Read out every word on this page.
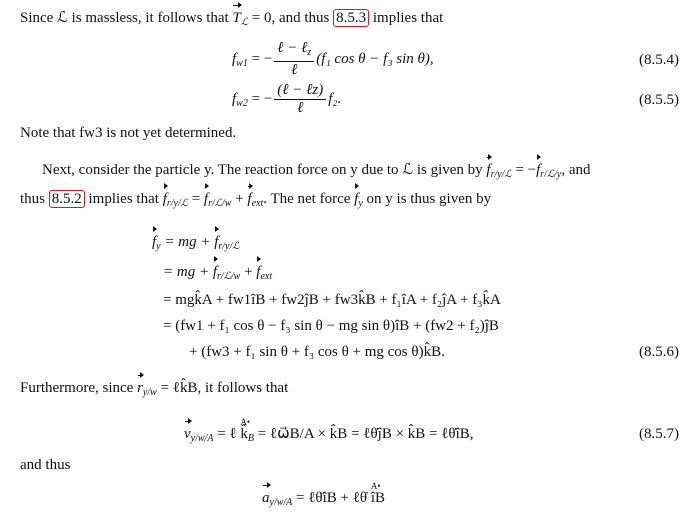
Since ℒ is massless, it follows that $T_ℒ = 0$, and thus 8.5.3 implies that
$f_{w1}$ = − $\frac{\ell - \ell_z}{\text{ℓ}} (f_1$ cos θ − f₃ sin θ),	(8.5.4)
$f_{w2}$ = − $\frac{\text{(ℓ − ℓz)}}{\text{ℓ}} f_2$.	(8.5.5)
Note that fw3 is not yet determined.
Next, consider the particle y. The reaction force on y due to ℒ is given by $f_{r/y/ℒ} = -f_{r/ℒ/y}$, and
thus 8.5.2 implies that $f_{r/y/ℒ} = f_{r/ℒ/w} + f_{ext}$. The net force $f_y$ on y is thus given by
$f_y$ = mg + $f_{r/y/ℒ}$
= mg + $f_{r/ℒ/w} + f_{ext}$
= mgk̂A + fw1îB + fw2ĵB + fw3k̂B + f₁îA + f₂ĵA + f₃k̂A
= (fw1 + f₁ cos θ − f₃ sin θ − mg sin θ)îB + (fw2 + f₂)ĵB
+ (fw3 + f₁ sin θ + f₃ cos θ + mg cos θ)k̂B.	(8.5.6)
Furthermore, since $r_{y/w}$ = ℓk̂B, it follows that
$v_{y/w/A}$ = ℓ A• $k̂_B$ = ℓω⃗B/A × k̂B = ℓθ̇ĵB × k̂B = ℓθ̇îB,	(8.5.7)
and thus
$a_{y/w/A}$ = ℓθ̈îB + ℓθ̇ A• îB
